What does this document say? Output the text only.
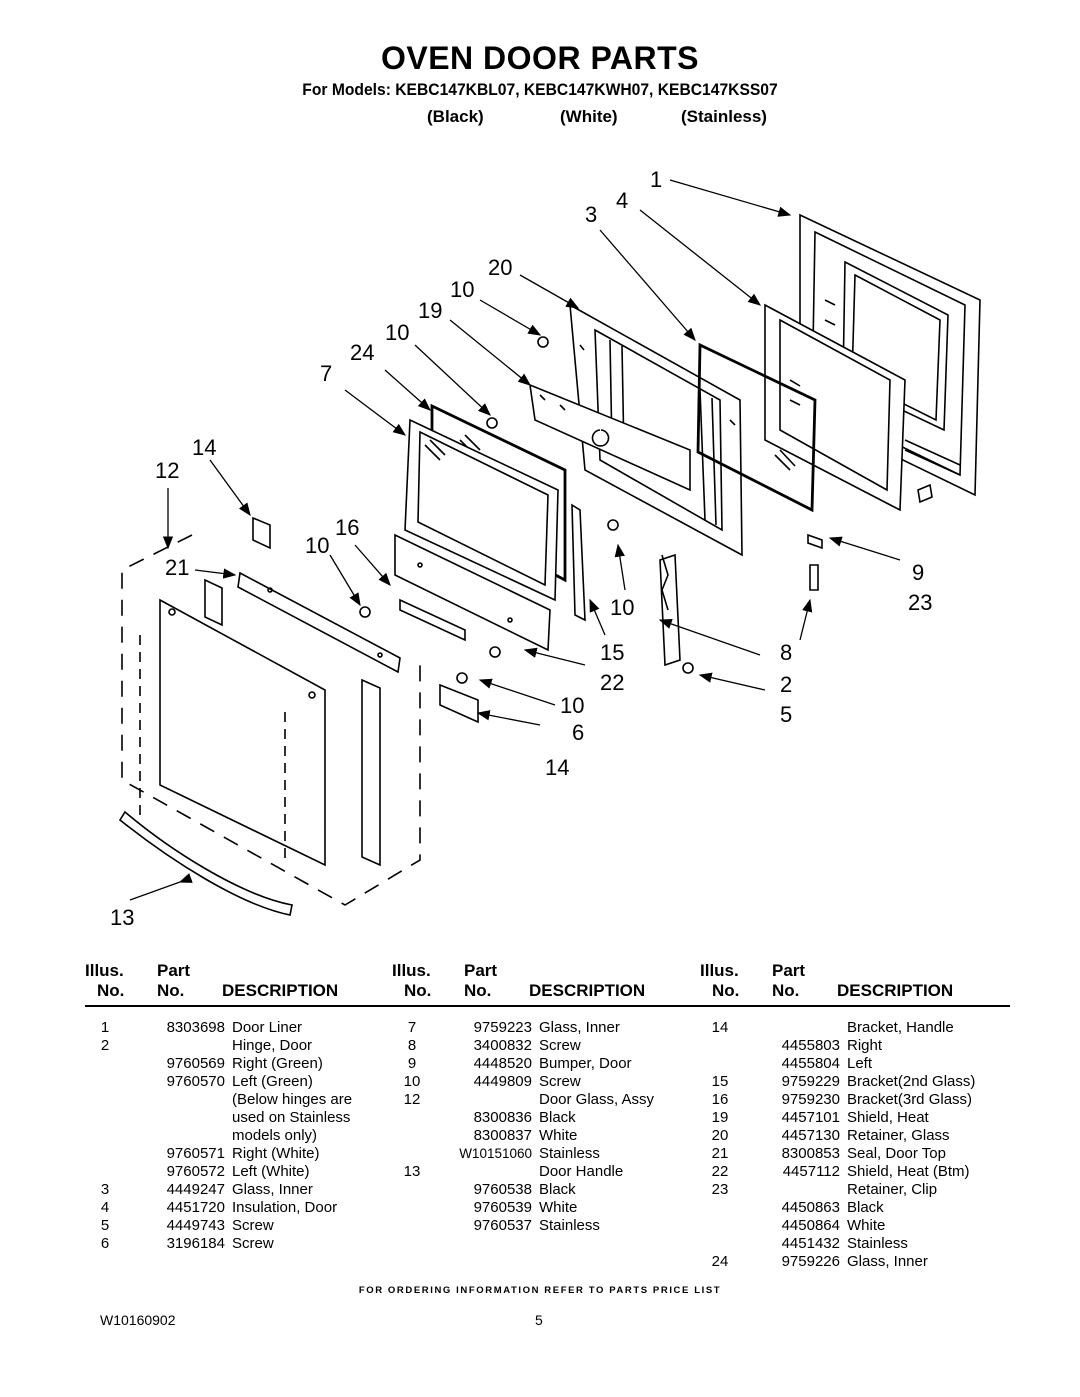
OVEN DOOR PARTS
For Models: KEBC147KBL07, KEBC147KWH07, KEBC147KSS07
(Black)	(White)	(Stainless)
1
4
3
20
10
19
10
24
7
14
12
16
10
21	9
23
10
15	8
22	2
10	5
6
14
13
Illus.
No.
Part
No. DESCRIPTION
1	8303698 Door Liner
2	Hinge, Door
9760569 Right (Green)
9760570 Left (Green)
(Below hinges are
used on Stainless
models only)
9760571 Right (White)
9760572 Left (White)
3	4449247 Glass, Inner
4	4451720 Insulation, Door
5	4449743 Screw
6	3196184 Screw
Illus.
No.
Part
No. DESCRIPTION
7	9759223 Glass, Inner
8	3400832 Screw
9	4448520 Bumper, Door
10	4449809 Screw
12	Door Glass, Assy
8300836 Black
8300837 White
W10151060 Stainless
13	Door Handle
9760538 Black
9760539 White
9760537 Stainless
Illus.
No.
Part
No. DESCRIPTION
14	Bracket, Handle
4455803 Right
4455804 Left
15	9759229 Bracket(2nd Glass)
16	9759230 Bracket(3rd Glass)
19	4457101 Shield, Heat
20	4457130 Retainer, Glass
21	8300853 Seal, Door Top
22	4457112 Shield, Heat (Btm)
23	Retainer, Clip
4450863 Black
4450864 White
4451432 Stainless
24	9759226 Glass, Inner
FOR ORDERING INFORMATION REFER TO PARTS PRICE LIST
W10160902	5
